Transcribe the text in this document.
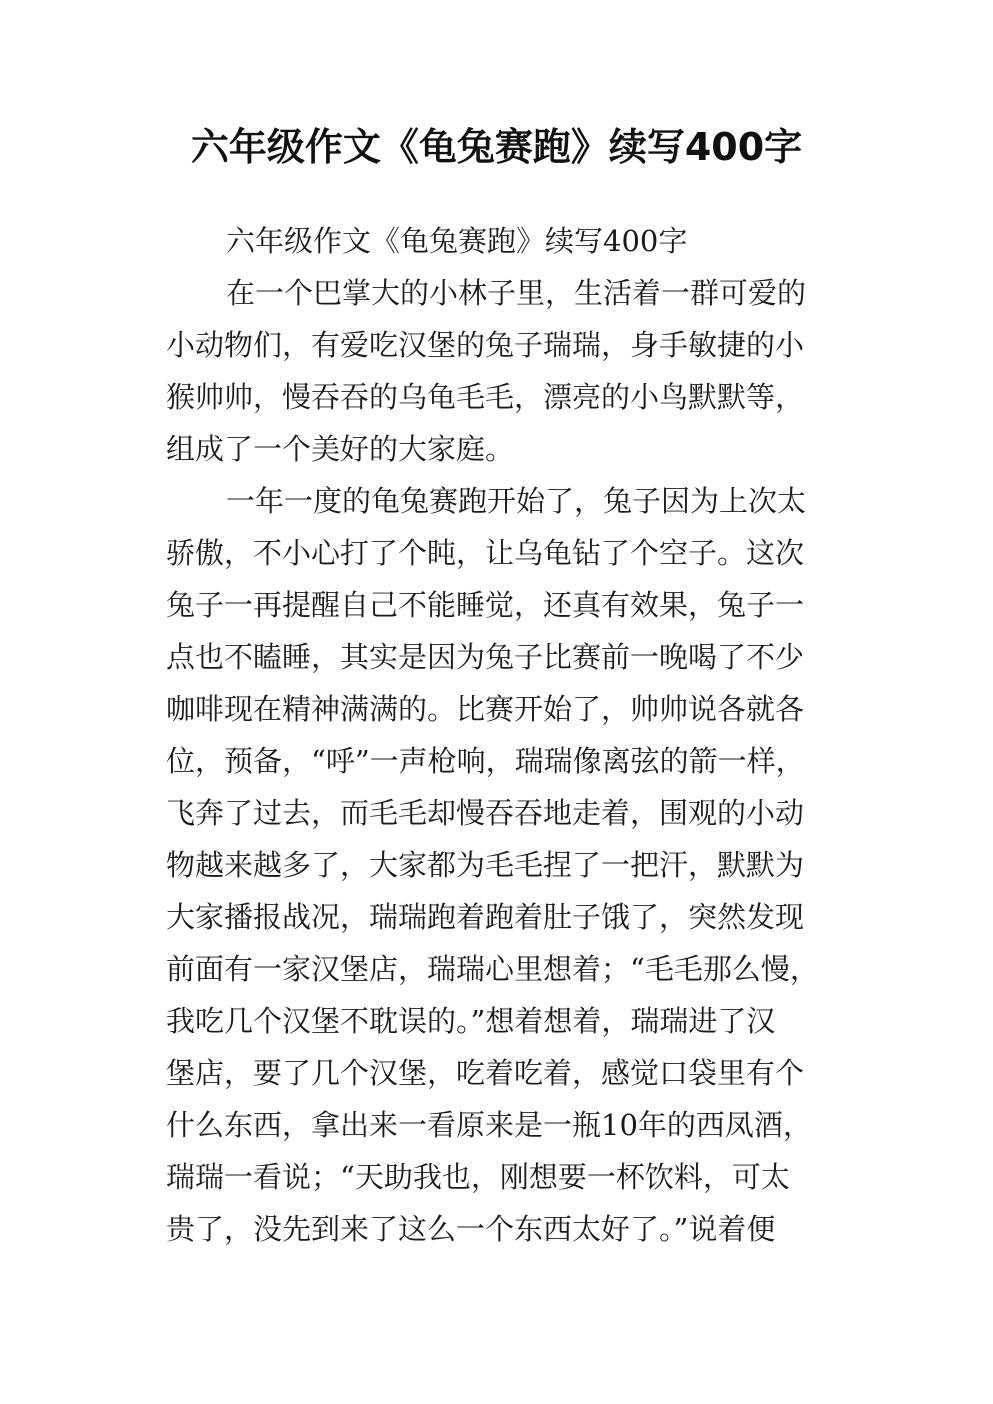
六年级作文《龟兔赛跑》续写400字
六年级作文《龟兔赛跑》续写400字
在一个巴掌大的小林子里，生活着一群可爱的
小动物们，有爱吃汉堡的兔子瑞瑞，身手敏捷的小
猴帅帅，慢吞吞的乌龟毛毛，漂亮的小鸟默默等，
组成了一个美好的大家庭。
一年一度的龟兔赛跑开始了，兔子因为上次太
骄傲，不小心打了个盹，让乌龟钻了个空子。这次
兔子一再提醒自己不能睡觉，还真有效果，兔子一
点也不瞌睡，其实是因为兔子比赛前一晚喝了不少
咖啡现在精神满满的。比赛开始了，帅帅说各就各
位，预备，“呼”一声枪响，瑞瑞像离弦的箭一样，
飞奔了过去，而毛毛却慢吞吞地走着，围观的小动
物越来越多了，大家都为毛毛捏了一把汗，默默为
大家播报战况，瑞瑞跑着跑着肚子饿了，突然发现
前面有一家汉堡店，瑞瑞心里想着；“毛毛那么慢，
我吃几个汉堡不耽误的。”想着想着，瑞瑞进了汉
堡店，要了几个汉堡，吃着吃着，感觉口袋里有个
什么东西，拿出来一看原来是一瓶10年的西凤酒，
瑞瑞一看说；“天助我也，刚想要一杯饮料，可太
贵了，没先到来了这么一个东西太好了。”说着便
